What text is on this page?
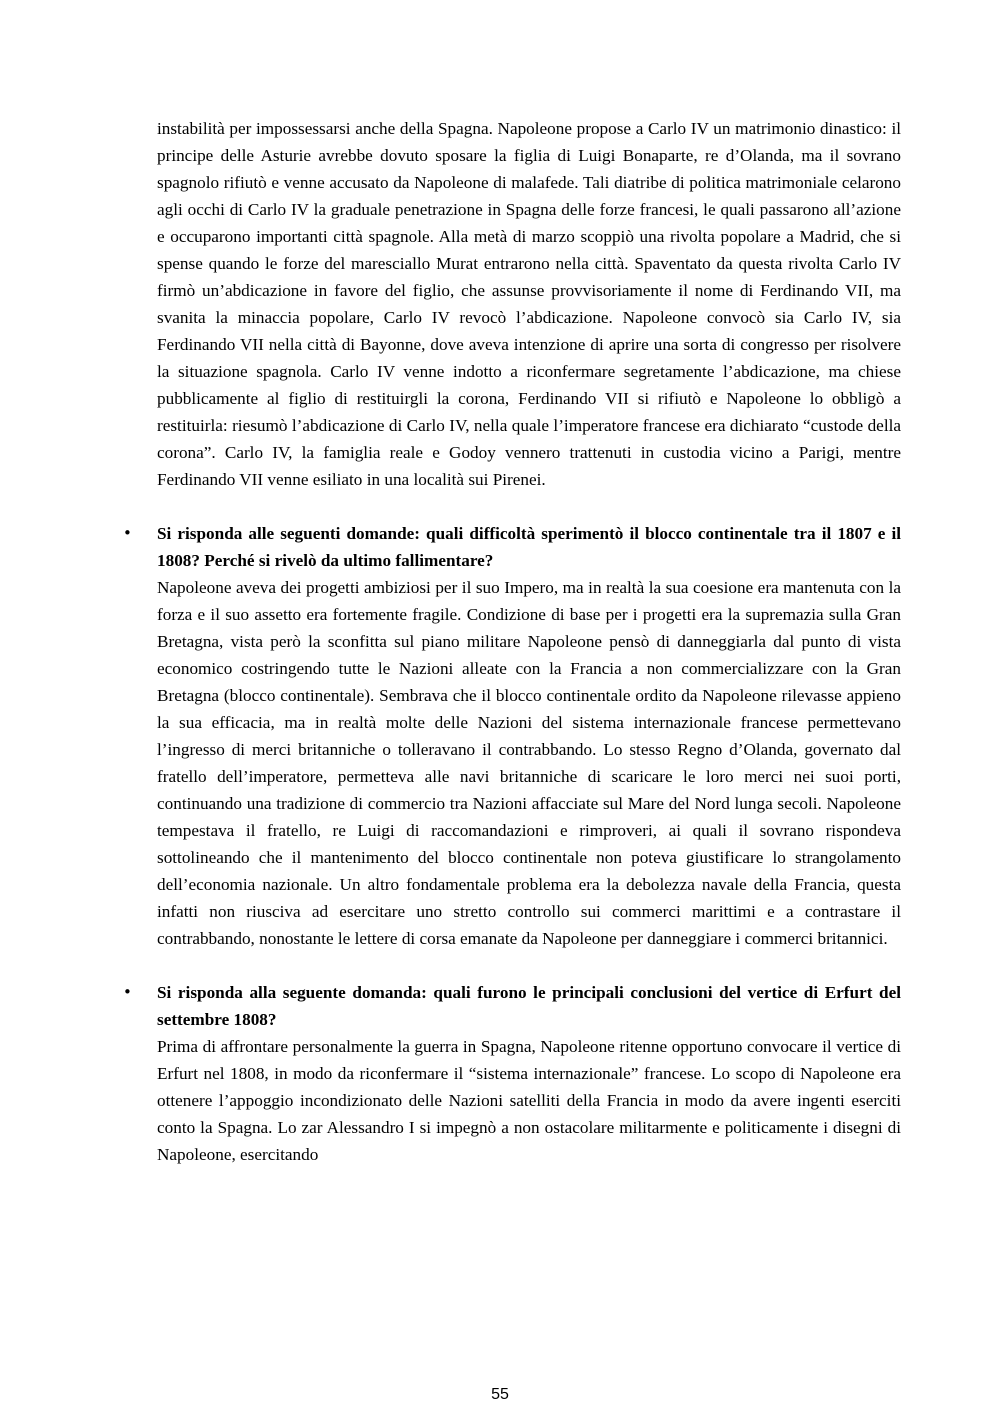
instabilità per impossessarsi anche della Spagna. Napoleone propose a Carlo IV un matrimonio dinastico: il principe delle Asturie avrebbe dovuto sposare la figlia di Luigi Bonaparte, re d’Olanda, ma il sovrano spagnolo rifiutò e venne accusato da Napoleone di malafede. Tali diatribe di politica matrimoniale celarono agli occhi di Carlo IV la graduale penetrazione in Spagna delle forze francesi, le quali passarono all’azione e occuparono importanti città spagnole. Alla metà di marzo scoppiò una rivolta popolare a Madrid, che si spense quando le forze del maresciallo Murat entrarono nella città. Spaventato da questa rivolta Carlo IV firmò un’abdicazione in favore del figlio, che assunse provvisoriamente il nome di Ferdinando VII, ma svanita la minaccia popolare, Carlo IV revocò l’abdicazione. Napoleone convocò sia Carlo IV, sia Ferdinando VII nella città di Bayonne, dove aveva intenzione di aprire una sorta di congresso per risolvere la situazione spagnola. Carlo IV venne indotto a riconfermare segretamente l’abdicazione, ma chiese pubblicamente al figlio di restituirgli la corona, Ferdinando VII si rifiutò e Napoleone lo obbligò a restituirla: riesumò l’abdicazione di Carlo IV, nella quale l’imperatore francese era dichiarato “custode della corona”. Carlo IV, la famiglia reale e Godoy vennero trattenuti in custodia vicino a Parigi, mentre Ferdinando VII venne esiliato in una località sui Pirenei.

• Si risponda alle seguenti domande: quali difficoltà sperimentò il blocco continentale tra il 1807 e il 1808? Perché si rivelò da ultimo fallimentare?

Napoleone aveva dei progetti ambiziosi per il suo Impero, ma in realtà la sua coesione era mantenuta con la forza e il suo assetto era fortemente fragile. Condizione di base per i progetti era la supremazia sulla Gran Bretagna, vista però la sconfitta sul piano militare Napoleone pensò di danneggiarla dal punto di vista economico costringendo tutte le Nazioni alleate con la Francia a non commercializzare con la Gran Bretagna (blocco continentale). Sembrava che il blocco continentale ordito da Napoleone rilevasse appieno la sua efficacia, ma in realtà molte delle Nazioni del sistema internazionale francese permettevano l’ingresso di merci britanniche o tolleravano il contrabbando. Lo stesso Regno d’Olanda, governato dal fratello dell’imperatore, permetteva alle navi britanniche di scaricare le loro merci nei suoi porti, continuando una tradizione di commercio tra Nazioni affacciate sul Mare del Nord lunga secoli. Napoleone tempestava il fratello, re Luigi di raccomandazioni e rimproveri, ai quali il sovrano rispondeva sottolineando che il mantenimento del blocco continentale non poteva giustificare lo strangolamento dell’economia nazionale. Un altro fondamentale problema era la debolezza navale della Francia, questa infatti non riusciva ad esercitare uno stretto controllo sui commerci marittimi e a contrastare il contrabbando, nonostante le lettere di corsa emanate da Napoleone per danneggiare i commerci britannici.

• Si risponda alla seguente domanda: quali furono le principali conclusioni del vertice di Erfurt del settembre 1808?

Prima di affrontare personalmente la guerra in Spagna, Napoleone ritenne opportuno convocare il vertice di Erfurt nel 1808, in modo da riconfermare il “sistema internazionale” francese. Lo scopo di Napoleone era ottenere l’appoggio incondizionato delle Nazioni satelliti della Francia in modo da avere ingenti eserciti conto la Spagna. Lo zar Alessandro I si impegnò a non ostacolare militarmente e politicamente i disegni di Napoleone, esercitando

55
